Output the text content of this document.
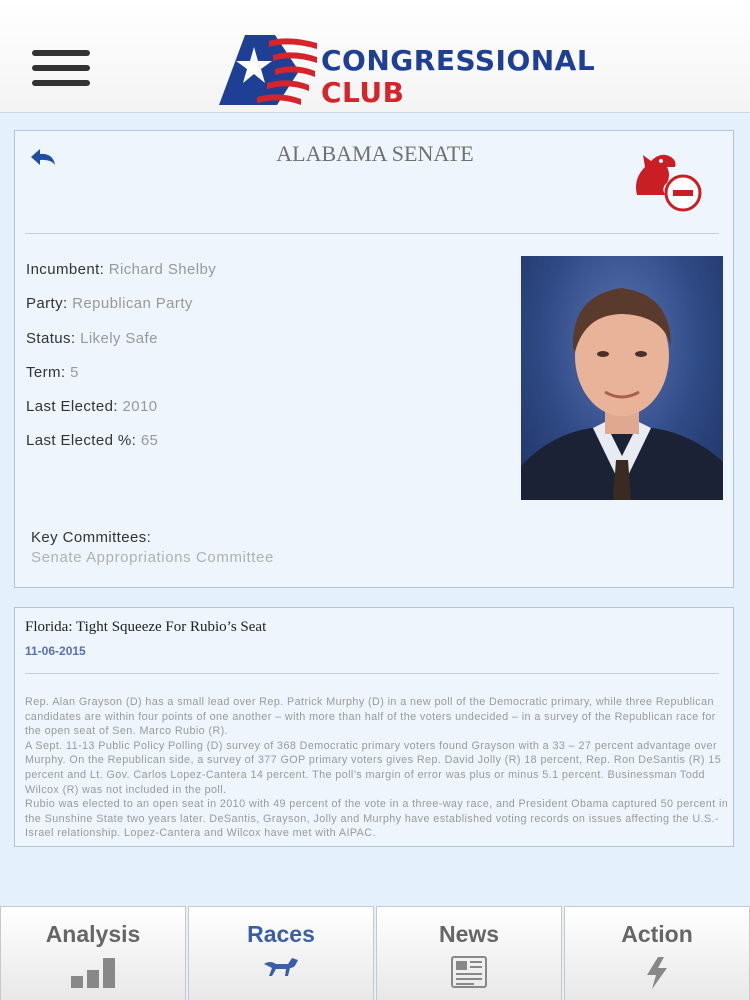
CONGRESSIONAL
CLUB
ALABAMA SENATE
Incumbent: Richard Shelby
Party: Republican Party
Status: Likely Safe
Term: 5
Last Elected: 2010
Last Elected %: 65
Key Committees:
Senate Appropriations Committee
Florida: Tight Squeeze For Rubio’s Seat
11-06-2015
Rep. Alan Grayson (D) has a small lead over Rep. Patrick Murphy (D) in a new poll of the Democratic primary, while three Republican candidates are within four points of one another – with more than half of the voters undecided – in a survey of the Republican race for the open seat of Sen. Marco Rubio (R).
A Sept. 11-13 Public Policy Polling (D) survey of 368 Democratic primary voters found Grayson with a 33 – 27 percent advantage over Murphy. On the Republican side, a survey of 377 GOP primary voters gives Rep. David Jolly (R) 18 percent, Rep. Ron DeSantis (R) 15 percent and Lt. Gov. Carlos Lopez-Cantera 14 percent. The poll’s margin of error was plus or minus 5.1 percent. Businessman Todd Wilcox (R) was not included in the poll.
Rubio was elected to an open seat in 2010 with 49 percent of the vote in a three-way race, and President Obama captured 50 percent in the Sunshine State two years later. DeSantis, Grayson, Jolly and Murphy have established voting records on issues affecting the U.S.-Israel relationship. Lopez-Cantera and Wilcox have met with AIPAC.
Analysis	Races	News	Action
